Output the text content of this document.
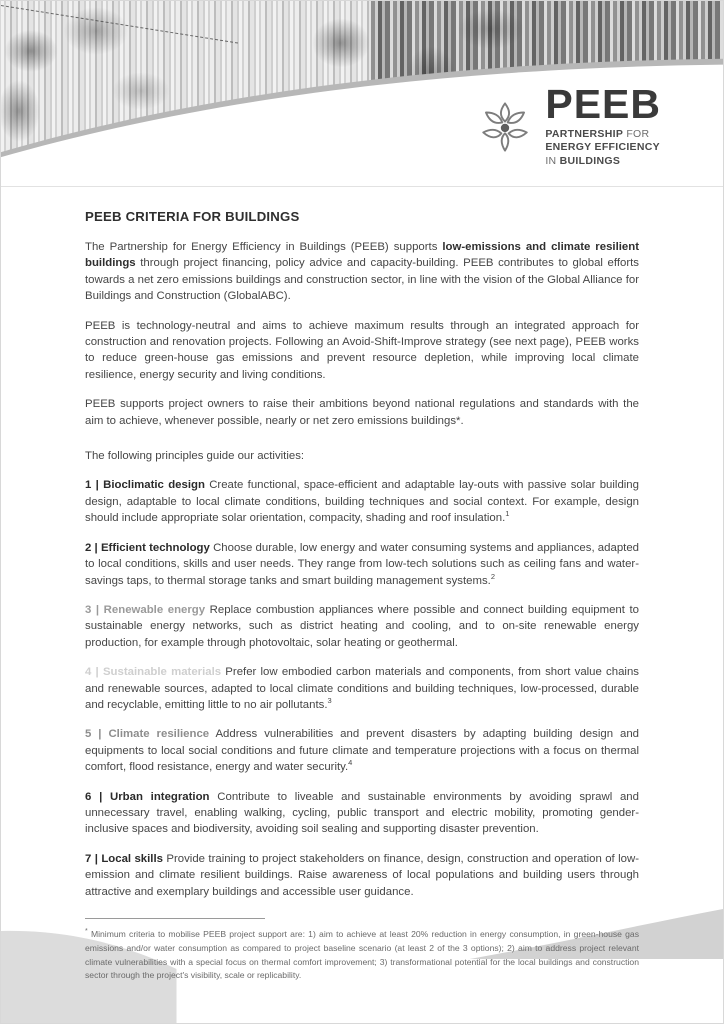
PEEB
PARTNERSHIP FOR
ENERGY EFFICIENCY
IN BUILDINGS
PEEB CRITERIA FOR BUILDINGS

The Partnership for Energy Efficiency in Buildings (PEEB) supports low-emissions and climate resilient buildings through project financing, policy advice and capacity-building. PEEB contributes to global efforts towards a net zero emissions buildings and construction sector, in line with the vision of the Global Alliance for Buildings and Construction (GlobalABC).

PEEB is technology-neutral and aims to achieve maximum results through an integrated approach for construction and renovation projects. Following an Avoid-Shift-Improve strategy (see next page), PEEB works to reduce green-house gas emissions and prevent resource depletion, while improving local climate resilience, energy security and living conditions.

PEEB supports project owners to raise their ambitions beyond national regulations and standards with the aim to achieve, whenever possible, nearly or net zero emissions buildings*.

The following principles guide our activities:

1 | Bioclimatic design Create functional, space-efficient and adaptable lay-outs with passive solar building design, adaptable to local climate conditions, building techniques and social context. For example, design should include appropriate solar orientation, compacity, shading and roof insulation.$^1$

2 | Efficient technology Choose durable, low energy and water consuming systems and appliances, adapted to local conditions, skills and user needs. They range from low-tech solutions such as ceiling fans and water-savings taps, to thermal storage tanks and smart building management systems.$^2$

3 | Renewable energy Replace combustion appliances where possible and connect building equipment to sustainable energy networks, such as district heating and cooling, and to on-site renewable energy production, for example through photovoltaic, solar heating or geothermal.

4 | Sustainable materials Prefer low embodied carbon materials and components, from short value chains and renewable sources, adapted to local climate conditions and building techniques, low-processed, durable and recyclable, emitting little to no air pollutants.$^3$

5 | Climate resilience Address vulnerabilities and prevent disasters by adapting building design and equipments to local social conditions and future climate and temperature projections with a focus on thermal comfort, flood resistance, energy and water security.$^4$

6 | Urban integration Contribute to liveable and sustainable environments by avoiding sprawl and unnecessary travel, enabling walking, cycling, public transport and electric mobility, promoting gender-inclusive spaces and biodiversity, avoiding soil sealing and supporting disaster prevention.

7 | Local skills Provide training to project stakeholders on finance, design, construction and operation of low-emission and climate resilient buildings. Raise awareness of local populations and building users through attractive and exemplary buildings and accessible user guidance.

* Minimum criteria to mobilise PEEB project support are: 1) aim to achieve at least 20% reduction in energy consumption, in green-house gas emissions and/or water consumption as compared to project baseline scenario (at least 2 of the 3 options); 2) aim to address project relevant climate vulnerabilities with a special focus on thermal comfort improvement; 3) transformational potential for the local buildings and construction sector through the project's visibility, scale or replicability.
